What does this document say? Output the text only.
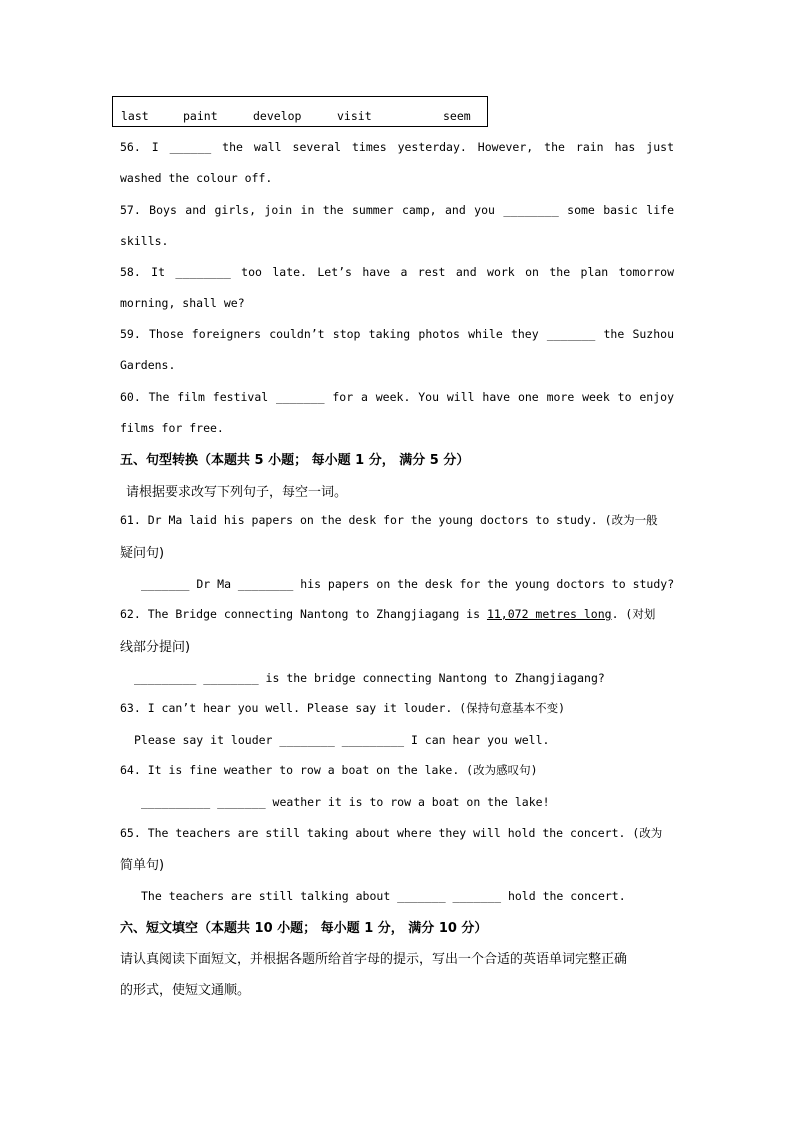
last	paint	develop	visit	seem
56. I ______ the wall several times yesterday. However, the rain has just
washed the colour off.
57. Boys and girls, join in the summer camp, and you ________ some basic life
skills.
58. It ________ too late. Let’s have a rest and work on the plan tomorrow
morning, shall we?
59. Those foreigners couldn’t stop taking photos while they _______ the Suzhou
Gardens.
60. The film festival _______ for a week. You will have one more week to enjoy
films for free.
五、句型转换（本题共 5 小题； 每小题 1 分， 满分 5 分）
请根据要求改写下列句子，每空一词。
61. Dr Ma laid his papers on the desk for the young doctors to study. (改为一般
疑问句)
_______ Dr Ma ________ his papers on the desk for the young doctors to study?
62. The Bridge connecting Nantong to Zhangjiagang is 11,072 metres long. (对划
线部分提问)
_________ ________ is the bridge connecting Nantong to Zhangjiagang?
63. I can’t hear you well. Please say it louder. (保持句意基本不变)
Please say it louder ________ _________ I can hear you well.
64. It is fine weather to row a boat on the lake. (改为感叹句)
__________ _______ weather it is to row a boat on the lake!
65. The teachers are still taking about where they will hold the concert. (改为
简单句)
The teachers are still talking about _______ _______ hold the concert.
六、短文填空（本题共 10 小题； 每小题 1 分， 满分 10 分）
请认真阅读下面短文，并根据各题所给首字母的提示，写出一个合适的英语单词完整正确
的形式，使短文通顺。
